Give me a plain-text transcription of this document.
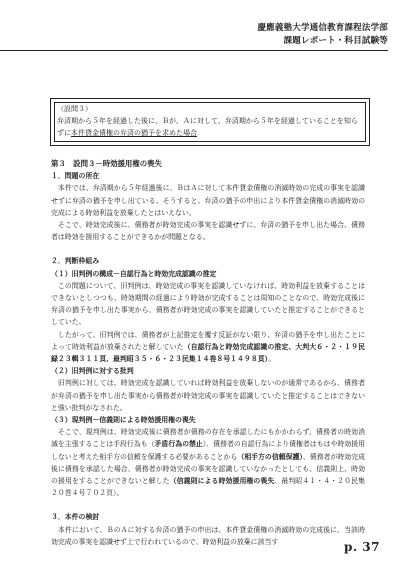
慶應義塾大学通信教育課程法学部
課題レポート・科目試験等

（設問３）

弁済期から５年を経過した後に、Ｂが、Ａに対して、弁済期から５年を経過していることを知らずに本件貸金債権の弁済の猶予を求めた場合

第３　設問３－時効援用権の喪失

１．問題の所在

本件では、弁済期から５年経過後に、ＢはＡに対して本件貸金債権の消滅時効の完成の事実を認識せずに弁済の猶予を申し出ている。そうすると、弁済の猶予の申出により本件貸金債権の消滅時効の完成による時効利益を放棄したとはいえない。

そこで、時効完成後に、債務者が時効完成の事実を認識せずに、弁済の猶予を申し出た場合、債務者は時効を援用することができるかが問題となる。

２．判断枠組み

（１）旧判例の構成－自認行為と時効完成認識の推定

この問題について、旧判例は、時効完成の事実を認識していなければ、時効利益を放棄することはできないとしつつも、時効期間の経過により時効が完成することは周知のことなので、時効完成後に弁済の猶予を申し出た事実から、債務者が時効完成の事実を認識していたと推定することができるとしていた。

したがって、旧判例では、債務者が上記推定を覆す反証がない限り、弁済の猶予を申し出たことによって時効利益が放棄されたと解していた（自認行為と時効完成認識の推定、大判大６・２・１９民録２３輯３１１頁、最判昭３５・６・２３民集１４巻８号１４９８頁）。

（２）旧判例に対する批判

旧判例に対しては、時効完成を認識していれば時効利益を放棄しないのが通常であるから、債務者が弁済の猶予を申し出た事実から債務者が時効完成の事実を認識していたと推定することはできないと強い批判がなされた。

（３）現判例－信義則による時効援用権の喪失

そこで、現判例は、時効完成後に債務者が債務の存在を承認したにもかかわらず、債務者の時効消滅を主張することは手段行為も（矛盾行為の禁止）、債務者の自認行為により債権者はもはや時効援用しないと考えた相手方の信頼を保護する必要があることから（相手方の信頼保護）、債務者が時効完成後に債務を承認した場合、債務者が時効完成の事実を認識していなかったとしても、信義則上、時効の援用をすることができないと解した（信義則による時効援用権の喪失、最判昭４１・４・２０民集２０巻４号７０２頁）。

３．本件の検討

本件において、ＢのＡに対する弁済の猶予の申出は、本件貸金債権の消滅時効の完成後に、当該時効完成の事実を認識せず上で行われているので、時効利益の放棄に該当す	p. 37
